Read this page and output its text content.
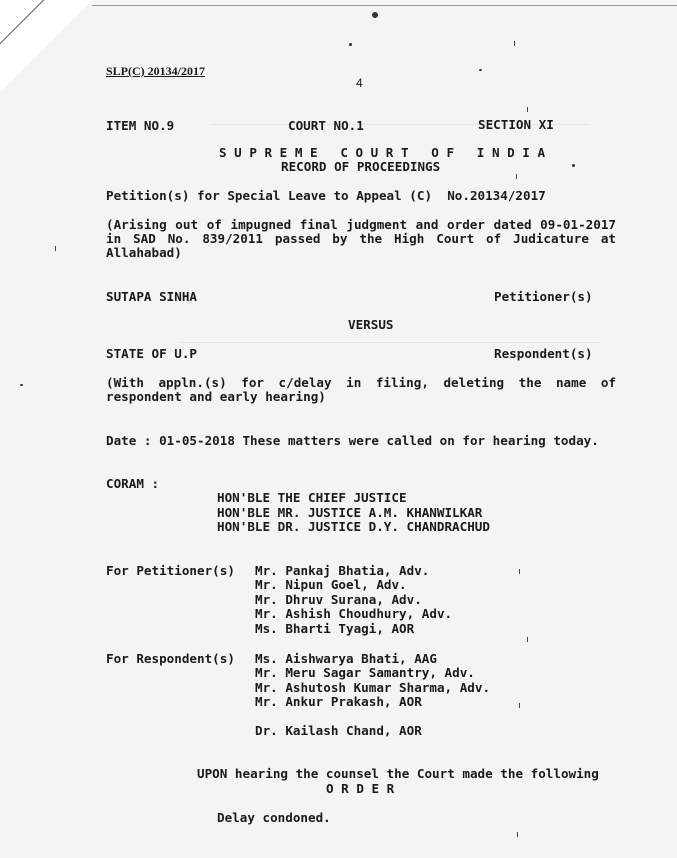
SLP(C) 20134/2017
4
ITEM NO.9	COURT NO.1	SECTION XI
S U P R E M E   C O U R T   O F   I N D I A
RECORD OF PROCEEDINGS
Petition(s) for Special Leave to Appeal (C)  No.20134/2017
(Arising out of impugned final judgment and order dated 09-01-2017 in SAD No. 839/2011 passed by the High Court of Judicature at Allahabad)
SUTAPA SINHA	Petitioner(s)
VERSUS
STATE OF U.P	Respondent(s)
(With appln.(s) for c/delay in filing, deleting the name of respondent and early hearing)
Date : 01-05-2018 These matters were called on for hearing today.
CORAM :
HON'BLE THE CHIEF JUSTICE
HON'BLE MR. JUSTICE A.M. KHANWILKAR
HON'BLE DR. JUSTICE D.Y. CHANDRACHUD
For Petitioner(s) Mr. Pankaj Bhatia, Adv.
Mr. Nipun Goel, Adv.
Mr. Dhruv Surana, Adv.
Mr. Ashish Choudhury, Adv.
Ms. Bharti Tyagi, AOR
For Respondent(s) Ms. Aishwarya Bhati, AAG
Mr. Meru Sagar Samantry, Adv.
Mr. Ashutosh Kumar Sharma, Adv.
Mr. Ankur Prakash, AOR
Dr. Kailash Chand, AOR
UPON hearing the counsel the Court made the following
O R D E R
Delay condoned.
